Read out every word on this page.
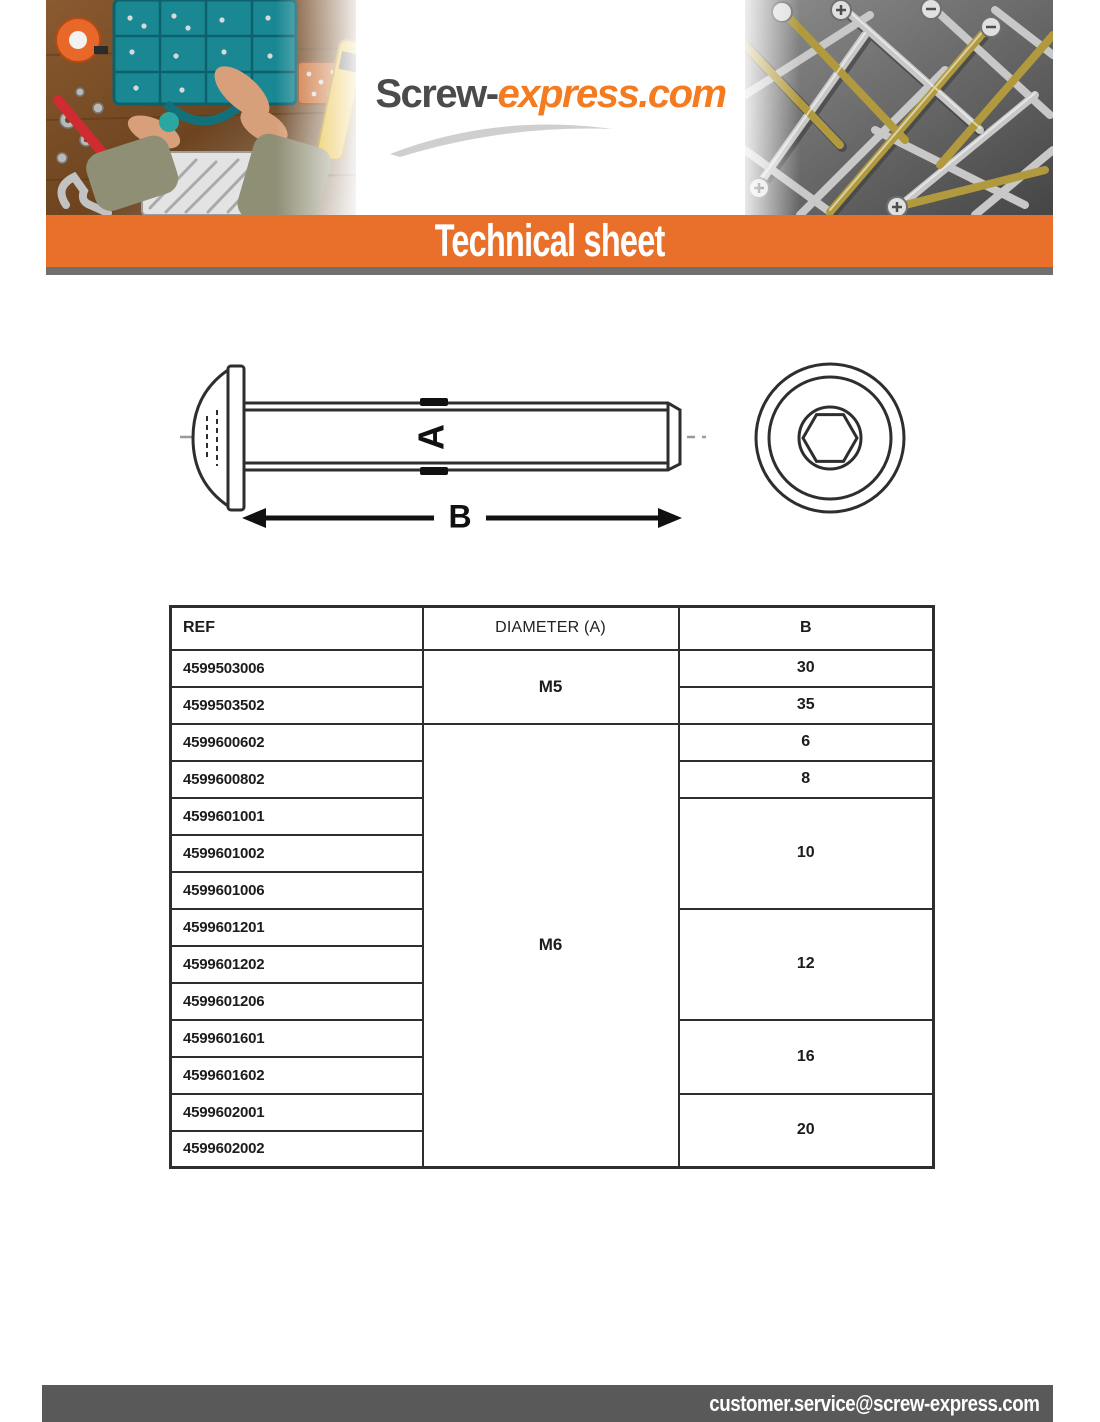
Screw-express.com
Technical sheet
A
B
REF	DIAMETER (A)	B
4599503006	M5	30
4599503502		35
4599600602	M6	6
4599600802		8
4599601001		10
4599601002		
4599601006		
4599601201		12
4599601202		
4599601206		
4599601601		16
4599601602		
4599602001		20
4599602002		
customer.service@screw-express.com
